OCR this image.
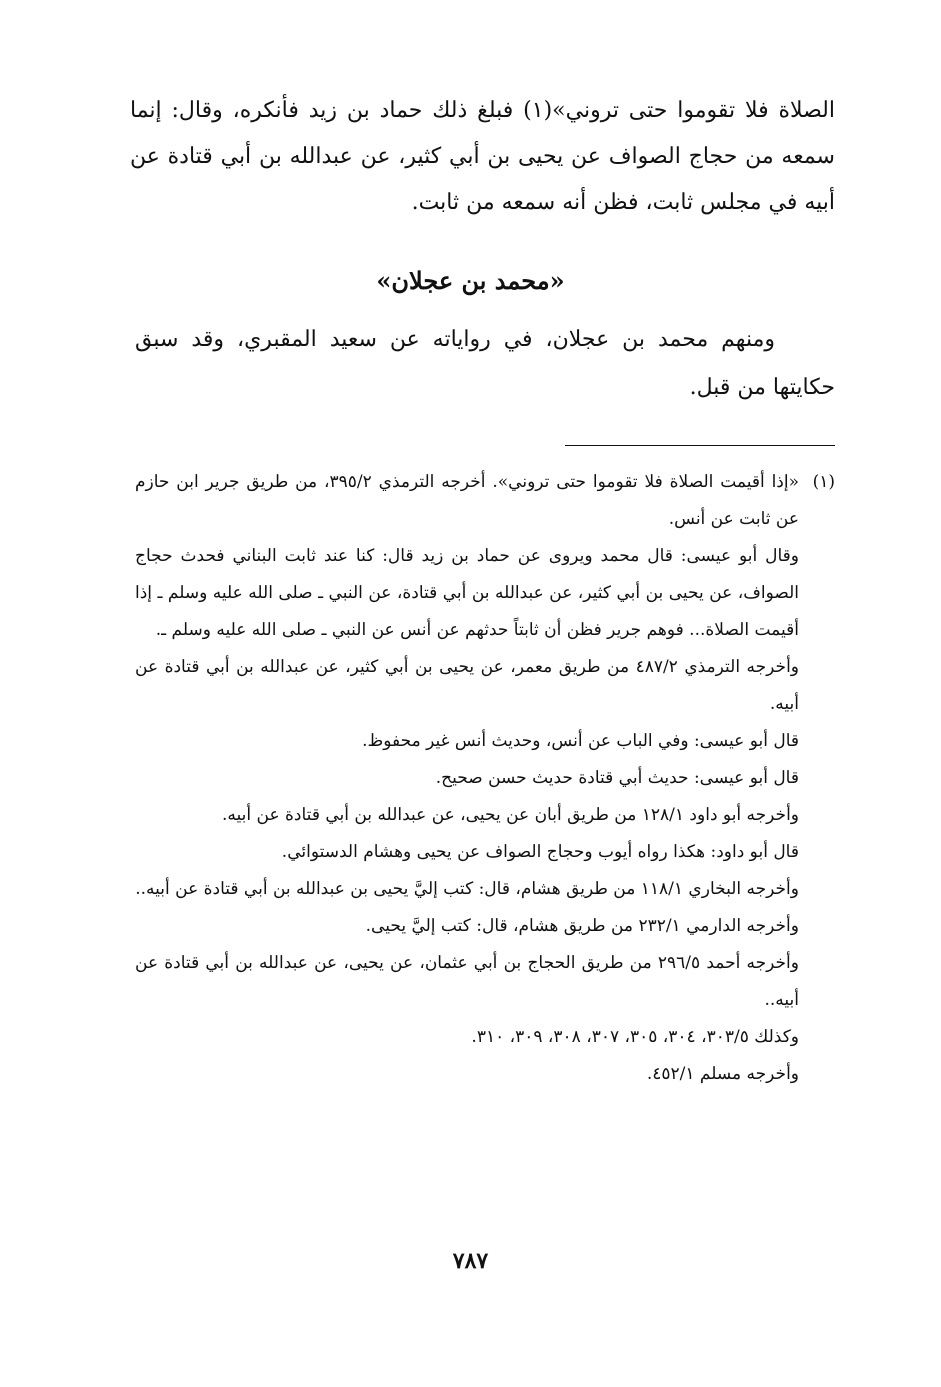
الصلاة فلا تقوموا حتى تروني»(١) فبلغ ذلك حماد بن زيد فأنكره، وقال: إنما سمعه من حجاج الصواف عن يحيى بن أبي كثير، عن عبدالله بن أبي قتادة عن أبيه في مجلس ثابت، فظن أنه سمعه من ثابت.

«محمد بن عجلان»

ومنهم محمد بن عجلان، في رواياته عن سعيد المقبري، وقد سبق حكايتها من قبل.

(١)

«إذا أقيمت الصلاة فلا تقوموا حتى تروني». أخرجه الترمذي ٣٩٥/٢، من طريق جرير ابن حازم عن ثابت عن أنس.

وقال أبو عيسى: قال محمد ويروى عن حماد بن زيد قال: كنا عند ثابت البناني فحدث حجاج الصواف، عن يحيى بن أبي كثير، عن عبدالله بن أبي قتادة، عن النبي ـ صلى الله عليه وسلم ـ إذا أقيمت الصلاة... فوهم جرير فظن أن ثابتاً حدثهم عن أنس عن النبي ـ صلى الله عليه وسلم ـ.

وأخرجه الترمذي ٤٨٧/٢ من طريق معمر، عن يحيى بن أبي كثير، عن عبدالله بن أبي قتادة عن أبيه.

قال أبو عيسى: وفي الباب عن أنس، وحديث أنس غير محفوظ.

قال أبو عيسى: حديث أبي قتادة حديث حسن صحيح.

وأخرجه أبو داود ١٢٨/١ من طريق أبان عن يحيى، عن عبدالله بن أبي قتادة عن أبيه.

قال أبو داود: هكذا رواه أيوب وحجاج الصواف عن يحيى وهشام الدستوائي.

وأخرجه البخاري ١١٨/١ من طريق هشام، قال: كتب إليَّ يحيى بن عبدالله بن أبي قتادة عن أبيه..

وأخرجه الدارمي ٢٣٢/١ من طريق هشام، قال: كتب إليَّ يحيى.

وأخرجه أحمد ٢٩٦/٥ من طريق الحجاج بن أبي عثمان، عن يحيى، عن عبدالله بن أبي قتادة عن أبيه..

وكذلك ٣٠٣/٥، ٣٠٤، ٣٠٥، ٣٠٧، ٣٠٨، ٣٠٩، ٣١٠.

وأخرجه مسلم ٤٥٢/١.

٧٨٧
